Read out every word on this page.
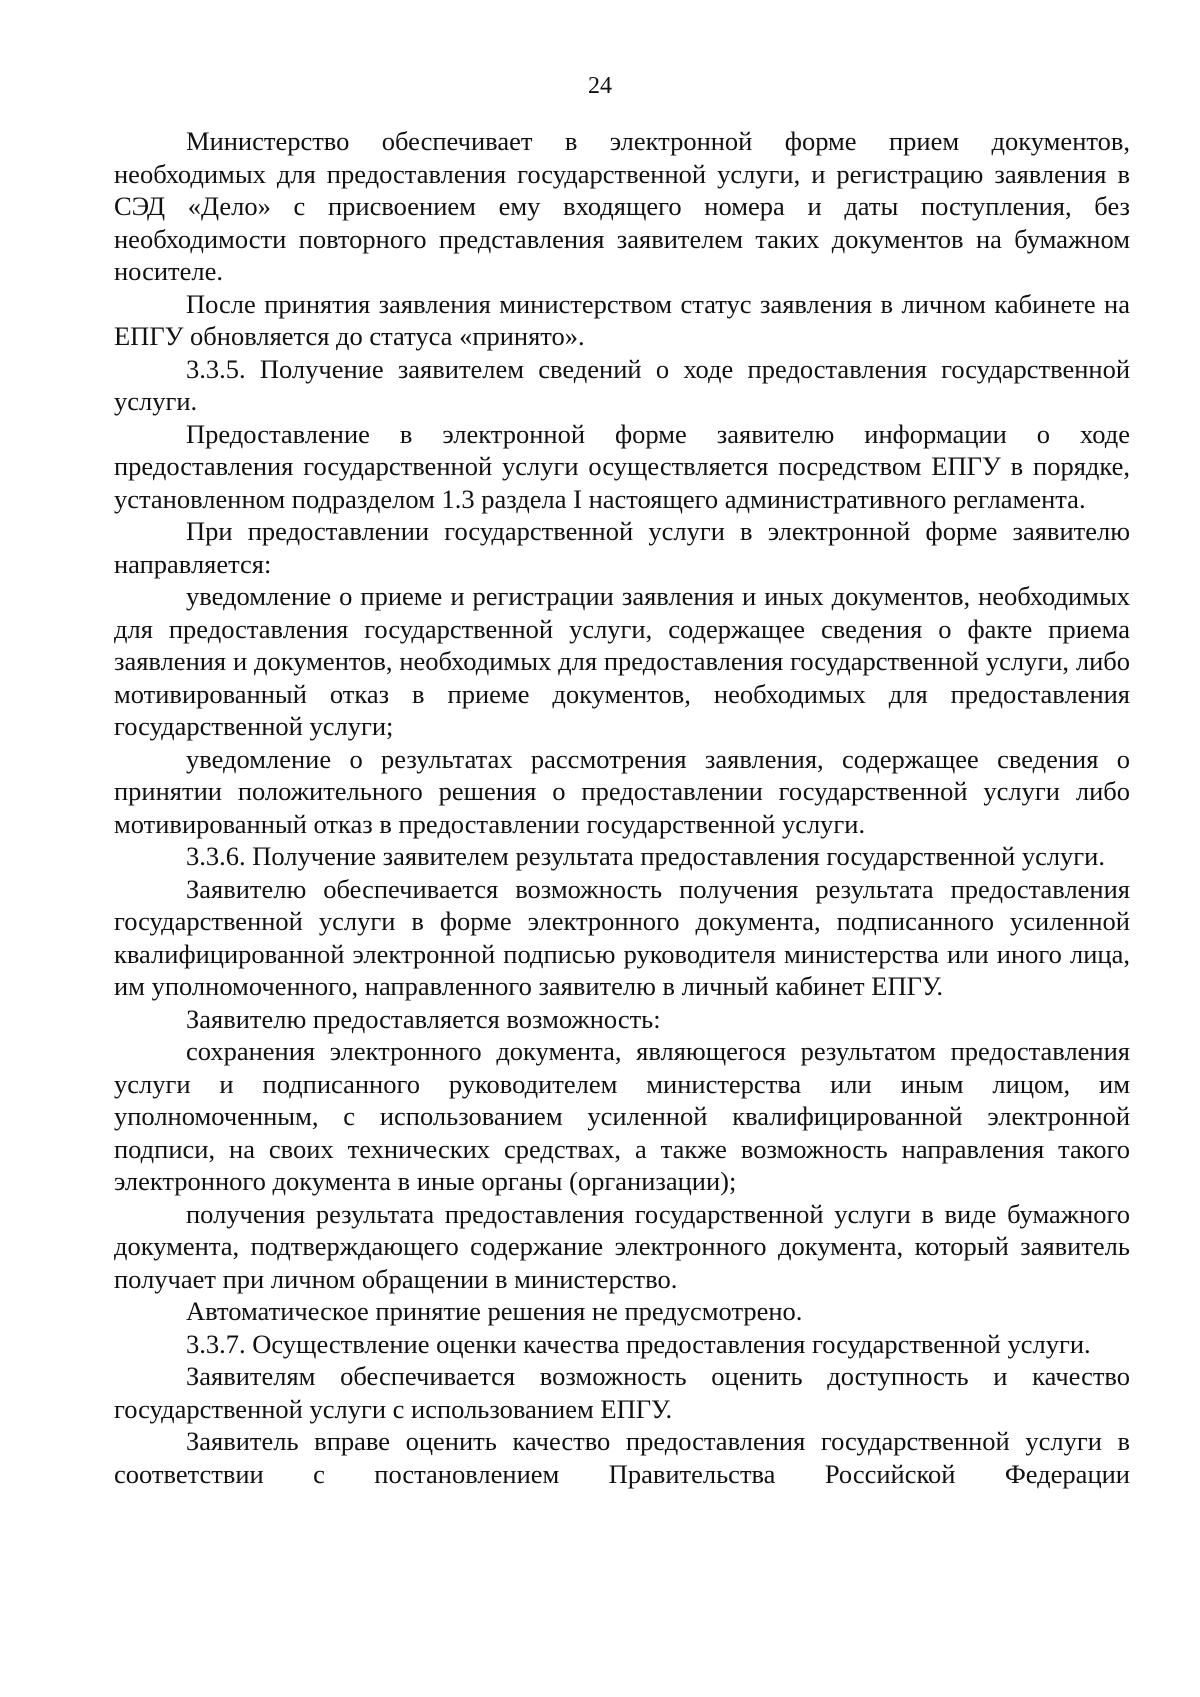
24

Министерство обеспечивает в электронной форме прием документов, необходимых для предоставления государственной услуги, и регистрацию заявления в СЭД «Дело» с присвоением ему входящего номера и даты поступления, без необходимости повторного представления заявителем таких документов на бумажном носителе.

После принятия заявления министерством статус заявления в личном кабинете на ЕПГУ обновляется до статуса «принято».

3.3.5. Получение заявителем сведений о ходе предоставления государственной услуги.

Предоставление в электронной форме заявителю информации о ходе предоставления государственной услуги осуществляется посредством ЕПГУ в порядке, установленном подразделом 1.3 раздела I настоящего административного регламента.

При предоставлении государственной услуги в электронной форме заявителю направляется:

уведомление о приеме и регистрации заявления и иных документов, необходимых для предоставления государственной услуги, содержащее сведения о факте приема заявления и документов, необходимых для предоставления государственной услуги, либо мотивированный отказ в приеме документов, необходимых для предоставления государственной услуги;

уведомление о результатах рассмотрения заявления, содержащее сведения о принятии положительного решения о предоставлении государственной услуги либо мотивированный отказ в предоставлении государственной услуги.

3.3.6. Получение заявителем результата предоставления государственной услуги.

Заявителю обеспечивается возможность получения результата предоставления государственной услуги в форме электронного документа, подписанного усиленной квалифицированной электронной подписью руководителя министерства или иного лица, им уполномоченного, направленного заявителю в личный кабинет ЕПГУ.

Заявителю предоставляется возможность:

сохранения электронного документа, являющегося результатом предоставления услуги и подписанного руководителем министерства или иным лицом, им уполномоченным, с использованием усиленной квалифицированной электронной подписи, на своих технических средствах, а также возможность направления такого электронного документа в иные органы (организации);

получения результата предоставления государственной услуги в виде бумажного документа, подтверждающего содержание электронного документа, который заявитель получает при личном обращении в министерство.

Автоматическое принятие решения не предусмотрено.

3.3.7. Осуществление оценки качества предоставления государственной услуги.

Заявителям обеспечивается возможность оценить доступность и качество государственной услуги с использованием ЕПГУ.

Заявитель вправе оценить качество предоставления государственной услуги в соответствии с постановлением Правительства Российской Федерации
